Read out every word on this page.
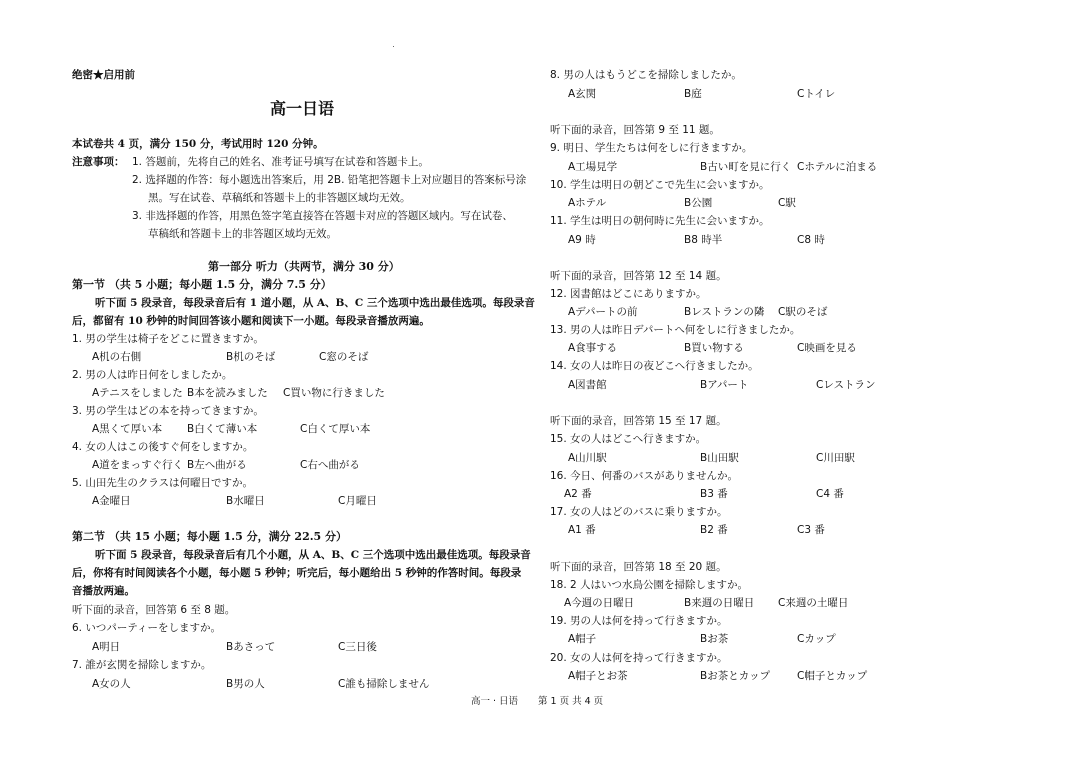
绝密★启用前
高一日语
本试卷共 4 页，满分 150 分，考试用时 120 分钟。
注意事项： 1. 答题前，先将自己的姓名、准考证号填写在试卷和答题卡上。
2. 选择题的作答：每小题选出答案后，用 2B. 铅笔把答题卡上对应题目的答案标号涂
黑。写在试卷、草稿纸和答题卡上的非答题区域均无效。
3. 非选择题的作答，用黑色签字笔直接答在答题卡对应的答题区域内。写在试卷、
草稿纸和答题卡上的非答题区域均无效。
第一部分 听力（共两节，满分 30 分）
第一节 （共 5 小题；每小题 1.5 分，满分 7.5 分）
听下面 5 段录音，每段录音后有 1 道小题，从 A、B、C 三个选项中选出最佳选项。每段录音
后，都留有 10 秒钟的时间回答该小题和阅读下一小题。每段录音播放两遍。
1. 男の学生は椅子をどこに置きますか。
A机の右側	B机のそば	C窓のそば
2. 男の人は昨日何をしましたか。
Aテニスをしました B本を読みました C買い物に行きました
3. 男の学生はどの本を持ってきますか。
A黒くて厚い本 B白くて薄い本	C白くて厚い本
4. 女の人はこの後すぐ何をしますか。
A道をまっすぐ行く B左へ曲がる	C右へ曲がる
5. 山田先生のクラスは何曜日ですか。
A金曜日	B水曜日	C月曜日
第二节 （共 15 小题；每小题 1.5 分，满分 22.5 分）
听下面 5 段录音，每段录音后有几个小题，从 A、B、C 三个选项中选出最佳选项。每段录音
后，你将有时间阅读各个小题，每小题 5 秒钟；听完后，每小题给出 5 秒钟的作答时间。每段录
音播放两遍。
听下面的录音，回答第 6 至 8 题。
6. いつパーティーをしますか。
A明日	Bあさって	C三日後
7. 誰が玄関を掃除しますか。
A女の人	B男の人	C誰も掃除しません
8. 男の人はもうどこを掃除しましたか。
A玄関	B庭	Cトイレ
听下面的录音，回答第 9 至 11 题。
9. 明日、学生たちは何をしに行きますか。
A工場見学	B古い町を見に行く Cホテルに泊まる
10. 学生は明日の朝どこで先生に会いますか。
Aホテル	B公園	C駅
11. 学生は明日の朝何時に先生に会いますか。
A9 時	B8 時半	C8 時
听下面的录音，回答第 12 至 14 题。
12. 図書館はどこにありますか。
Aデパートの前	Bレストランの隣 C駅のそば
13. 男の人は昨日デパートへ何をしに行きましたか。
A食事する	B買い物する	C映画を見る
14. 女の人は昨日の夜どこへ行きましたか。
A図書館	Bアパート	Cレストラン
听下面的录音，回答第 15 至 17 题。
15. 女の人はどこへ行きますか。
A山川駅	B山田駅	C川田駅
16. 今日、何番のバスがありませんか。
A2 番	B3 番	C4 番
17. 女の人はどのバスに乗りますか。
A1 番	B2 番	C3 番
听下面的录音，回答第 18 至 20 题。
18. 2 人はいつ水鳥公園を掃除しますか。
A今週の日曜日	B来週の日曜日 C来週の土曜日
19. 男の人は何を持って行きますか。
A帽子	Bお茶	Cカップ
20. 女の人は何を持って行きますか。
A帽子とお茶	Bお茶とカップ	C帽子とカップ
高一 · 日语 第 1 页 共 4 页
